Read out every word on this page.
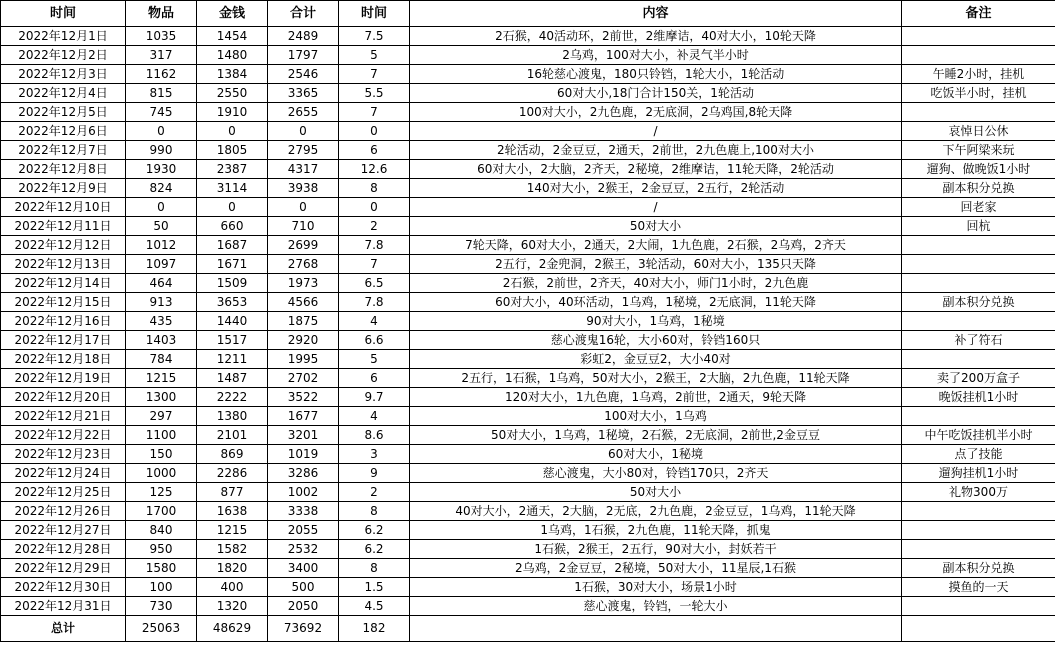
时间	物品	金钱	合计	时间	内容	备注
2022年12月1日	1035	1454	2489	7.5	2石猴，40活动环，2前世，2维摩诘，40对大小，10轮天降	
2022年12月2日	317	1480	1797	5	2乌鸡，100对大小，补灵气半小时	
2022年12月3日	1162	1384	2546	7	16轮慈心渡鬼，180只铃铛，1轮大小，1轮活动	午睡2小时，挂机
2022年12月4日	815	2550	3365	5.5	60对大小,18门合计150关，1轮活动	吃饭半小时，挂机
2022年12月5日	745	1910	2655	7	100对大小，2九色鹿，2无底洞，2乌鸡国,8轮天降	
2022年12月6日	0	0	0	0	/	哀悼日公休
2022年12月7日	990	1805	2795	6	2轮活动，2金豆豆，2通天，2前世，2九色鹿上,100对大小	下午阿梁来玩
2022年12月8日	1930	2387	4317	12.6	60对大小，2大脑，2齐天，2秘境，2维摩诘，11轮天降，2轮活动	遛狗、做晚饭1小时
2022年12月9日	824	3114	3938	8	140对大小，2猴王，2金豆豆，2五行，2轮活动	副本积分兑换
2022年12月10日	0	0	0	0	/	回老家
2022年12月11日	50	660	710	2	50对大小	回杭
2022年12月12日	1012	1687	2699	7.8	7轮天降，60对大小，2通天，2大闹，1九色鹿，2石猴，2乌鸡，2齐天	
2022年12月13日	1097	1671	2768	7	2五行，2金兜洞，2猴王，3轮活动，60对大小，135只天降	
2022年12月14日	464	1509	1973	6.5	2石猴，2前世，2齐天，40对大小，师门1小时，2九色鹿	
2022年12月15日	913	3653	4566	7.8	60对大小，40环活动，1乌鸡，1秘境，2无底洞，11轮天降	副本积分兑换
2022年12月16日	435	1440	1875	4	90对大小，1乌鸡，1秘境	
2022年12月17日	1403	1517	2920	6.6	慈心渡鬼16轮，大小60对，铃铛160只	补了符石
2022年12月18日	784	1211	1995	5	彩虹2，金豆豆2，大小40对	
2022年12月19日	1215	1487	2702	6	2五行，1石猴，1乌鸡，50对大小，2猴王，2大脑，2九色鹿，11轮天降	卖了200万盒子
2022年12月20日	1300	2222	3522	9.7	120对大小，1九色鹿，1乌鸡，2前世，2通天，9轮天降	晚饭挂机1小时
2022年12月21日	297	1380	1677	4	100对大小，1乌鸡	
2022年12月22日	1100	2101	3201	8.6	50对大小，1乌鸡，1秘境，2石猴，2无底洞，2前世,2金豆豆	中午吃饭挂机半小时
2022年12月23日	150	869	1019	3	60对大小，1秘境	点了技能
2022年12月24日	1000	2286	3286	9	慈心渡鬼，大小80对，铃铛170只，2齐天	遛狗挂机1小时
2022年12月25日	125	877	1002	2	50对大小	礼物300万
2022年12月26日	1700	1638	3338	8	40对大小，2通天，2大脑，2无底，2九色鹿，2金豆豆，1乌鸡，11轮天降	
2022年12月27日	840	1215	2055	6.2	1乌鸡，1石猴，2九色鹿，11轮天降，抓鬼	
2022年12月28日	950	1582	2532	6.2	1石猴，2猴王，2五行，90对大小，封妖若干	
2022年12月29日	1580	1820	3400	8	2乌鸡，2金豆豆，2秘境，50对大小，11星辰,1石猴	副本积分兑换
2022年12月30日	100	400	500	1.5	1石猴，30对大小，场景1小时	摸鱼的一天
2022年12月31日	730	1320	2050	4.5	慈心渡鬼，铃铛，一轮大小	
总计	25063	48629	73692	182		
